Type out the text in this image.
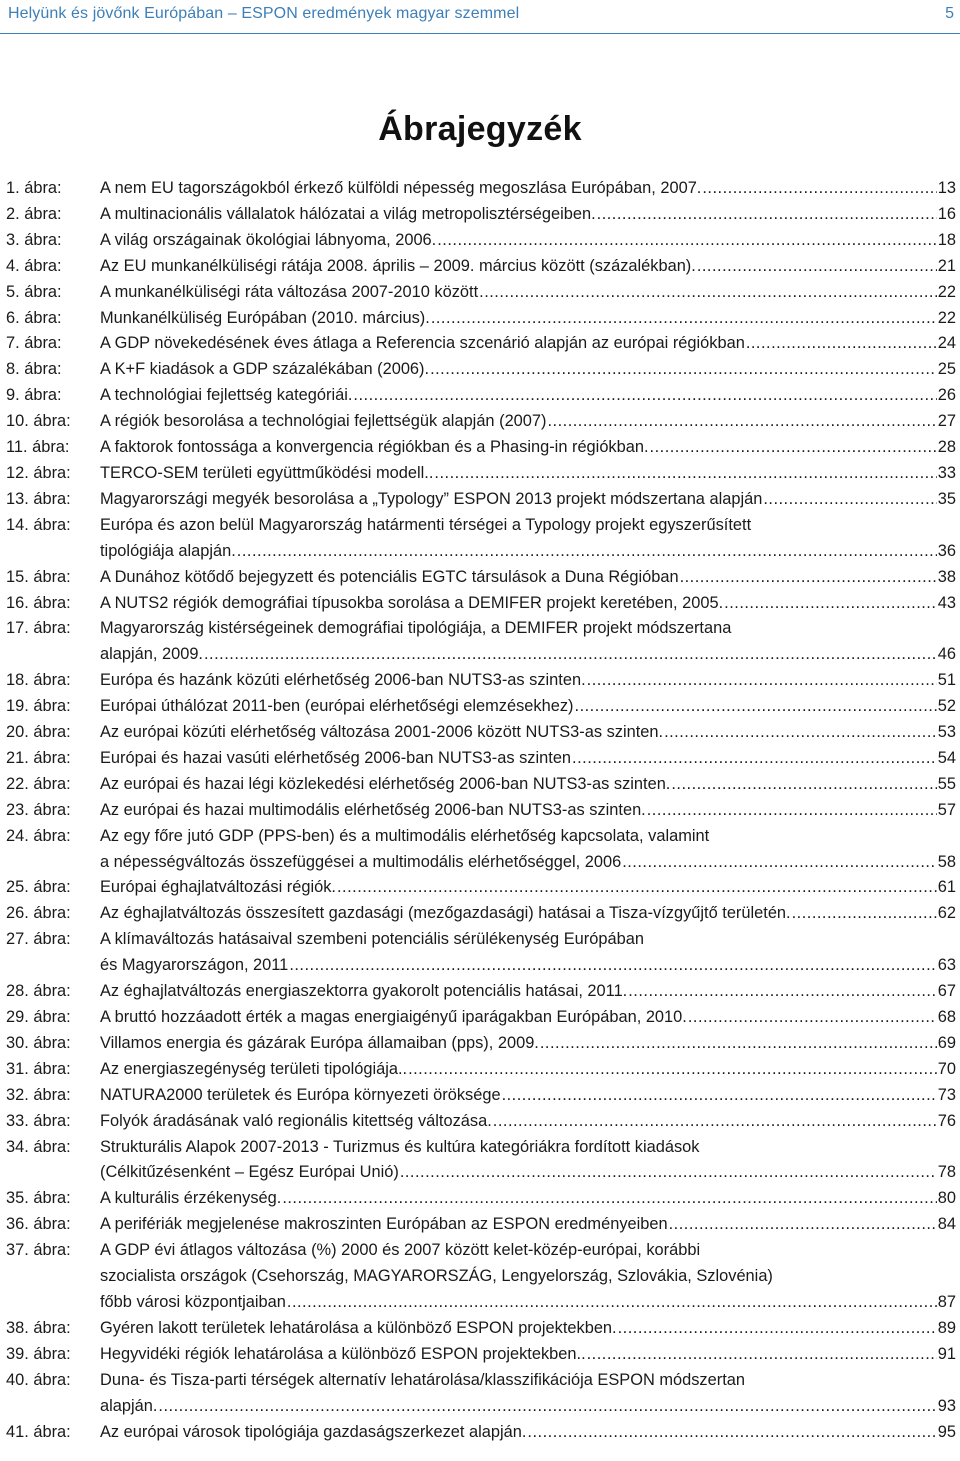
Helyünk és jövőnk Európában – ESPON eredmények magyar szemmel	5
Ábrajegyzék
1. ábra:	A nem EU tagországokból érkező külföldi népesség megoszlása Európában, 2007. .....	13
2. ábra:	A multinacionális vállalatok hálózatai a világ metropolisztérségeiben. .....	16
3. ábra:	A világ országainak ökológiai lábnyoma, 2006. .....	18
4. ábra:	Az EU munkanélküliségi rátája 2008. április – 2009. március között (százalékban). .....	21
5. ábra:	A munkanélküliségi ráta változása 2007-2010 között .....	22
6. ábra:	Munkanélküliség Európában (2010. március). .....	22
7. ábra:	A GDP növekedésének éves átlaga a Referencia szcenárió alapján az európai régiókban .....	24
8. ábra:	A K+F kiadások a GDP százalékában (2006). .....	25
9. ábra:	A technológiai fejlettség kategóriái. .....	26
10. ábra:	A régiók besorolása a technológiai fejlettségük alapján (2007) .....	27
11. ábra:	A faktorok fontossága a konvergencia régiókban és a Phasing-in régiókban. .....	28
12. ábra:	TERCO-SEM területi együttműködési modell.. .....	33
13. ábra:	Magyarországi megyék besorolása a „Typology” ESPON 2013 projekt módszertana alapján .....	35
14. ábra:	Európa és azon belül Magyarország határmenti térségei a Typology projekt egyszerűsített
tipológiája alapján. .....	36
15. ábra:	A Dunához kötődő bejegyzett és potenciális EGTC társulások a Duna Régióban .....	38
16. ábra:	A NUTS2 régiók demográfiai típusokba sorolása a DEMIFER projekt keretében, 2005. .....	43
17. ábra:	Magyarország kistérségeinek demográfiai tipológiája, a DEMIFER projekt módszertana
alapján, 2009. .....	46
18. ábra:	Európa és hazánk közúti elérhetőség 2006-ban NUTS3-as szinten. .....	51
19. ábra:	Európai úthálózat 2011-ben (európai elérhetőségi elemzésekhez) .....	52
20. ábra:	Az európai közúti elérhetőség változása 2001-2006 között NUTS3-as szinten. .....	53
21. ábra:	Európai és hazai vasúti elérhetőség 2006-ban NUTS3-as szinten .....	54
22. ábra:	Az európai és hazai légi közlekedési elérhetőség 2006-ban NUTS3-as szinten. .....	55
23. ábra:	Az európai és hazai multimodális elérhetőség 2006-ban NUTS3-as szinten. .....	57
24. ábra:	Az egy főre jutó GDP (PPS-ben) és a multimodális elérhetőség kapcsolata, valamint
a népességváltozás összefüggései a multimodális elérhetőséggel, 2006 .....	58
25. ábra:	Európai éghajlatváltozási régiók. .....	61
26. ábra:	Az éghajlatváltozás összesített gazdasági (mezőgazdasági) hatásai a Tisza-vízgyűjtő területén. .....	62
27. ábra:	A klímaváltozás hatásaival szembeni potenciális sérülékenység Európában
és Magyarországon, 2011 .....	63
28. ábra:	Az éghajlatváltozás energiaszektorra gyakorolt potenciális hatásai, 2011. .....	67
29. ábra:	A bruttó hozzáadott érték a magas energiaigényű iparágakban Európában, 2010. .....	68
30. ábra:	Villamos energia és gázárak Európa államaiban (pps), 2009. .....	69
31. ábra:	Az energiaszegénység területi tipológiája.. .....	70
32. ábra:	NATURA2000 területek és Európa környezeti öröksége .....	73
33. ábra:	Folyók áradásának való regionális kitettség változása. .....	76
34. ábra:	Strukturális Alapok 2007-2013 - Turizmus és kultúra kategóriákra fordított kiadások
(Célkitűzésenként – Egész Európai Unió) .....	78
35. ábra:	A kulturális érzékenység. .....	80
36. ábra:	A perifériák megjelenése makroszinten Európában az ESPON eredményeiben .....	84
37. ábra:	A GDP évi átlagos változása (%) 2000 és 2007 között kelet-közép-európai, korábbi
szocialista országok (Csehország, MAGYARORSZÁG, Lengyelország, Szlovákia, Szlovénia)
főbb városi központjaiban .....	87
38. ábra:	Gyéren lakott területek lehatárolása a különböző ESPON projektekben. .....	89
39. ábra:	Hegyvidéki régiók lehatárolása a különböző ESPON projektekben.. .....	91
40. ábra:	Duna- és Tisza-parti térségek alternatív lehatárolása/klasszifikációja ESPON módszertan
alapján. .....	93
41. ábra:	Az európai városok tipológiája gazdaságszerkezet alapján. .....	95
